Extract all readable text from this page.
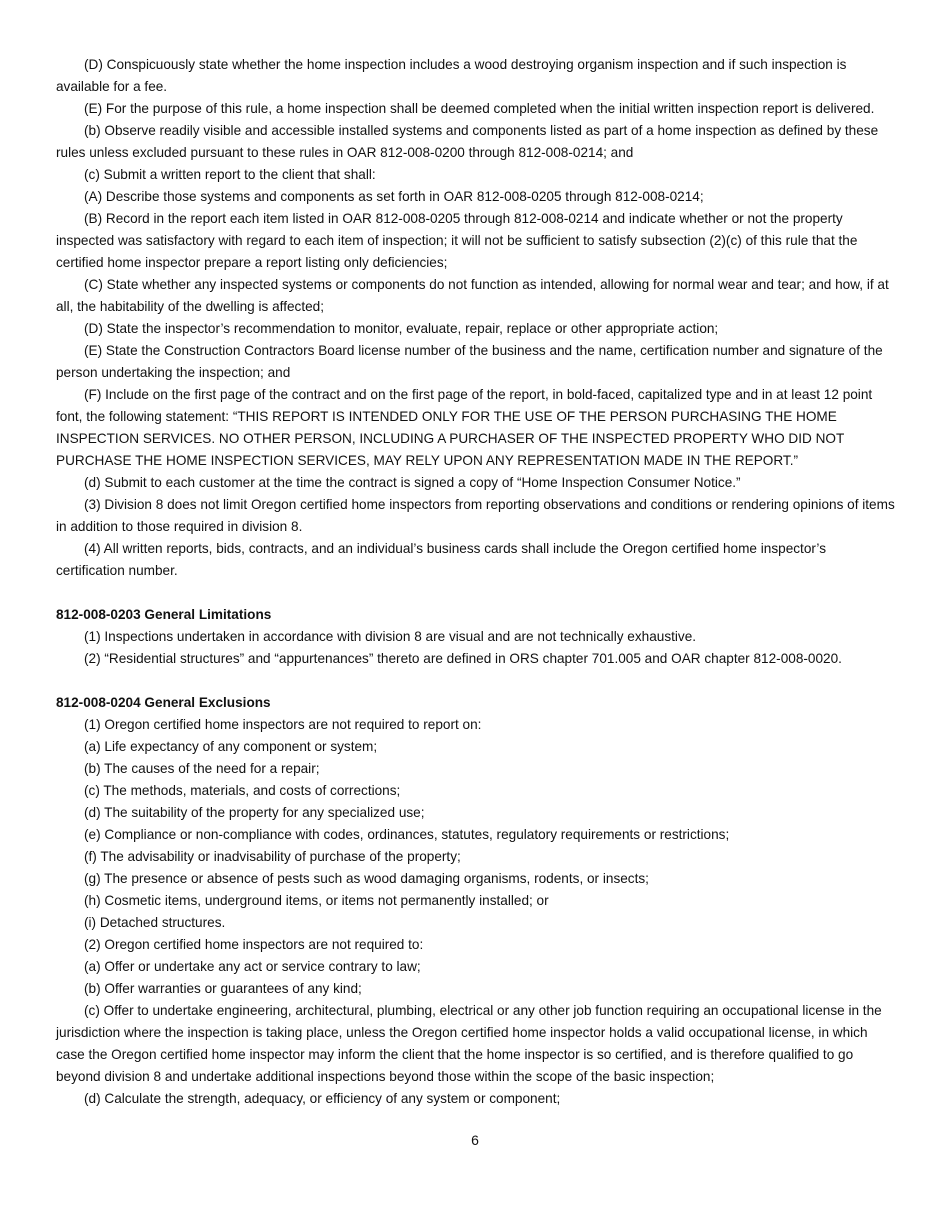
(D) Conspicuously state whether the home inspection includes a wood destroying organism inspection and if such inspection is available for a fee.

(E) For the purpose of this rule, a home inspection shall be deemed completed when the initial written inspection report is delivered.

(b) Observe readily visible and accessible installed systems and components listed as part of a home inspection as defined by these rules unless excluded pursuant to these rules in OAR 812-008-0200 through 812-008-0214; and

(c) Submit a written report to the client that shall:

(A) Describe those systems and components as set forth in OAR 812-008-0205 through 812-008-0214;

(B) Record in the report each item listed in OAR 812-008-0205 through 812-008-0214 and indicate whether or not the property inspected was satisfactory with regard to each item of inspection; it will not be sufficient to satisfy subsection (2)(c) of this rule that the certified home inspector prepare a report listing only deficiencies;

(C) State whether any inspected systems or components do not function as intended, allowing for normal wear and tear; and how, if at all, the habitability of the dwelling is affected;

(D) State the inspector’s recommendation to monitor, evaluate, repair, replace or other appropriate action;

(E) State the Construction Contractors Board license number of the business and the name, certification number and signature of the person undertaking the inspection; and

(F) Include on the first page of the contract and on the first page of the report, in bold-faced, capitalized type and in at least 12 point font, the following statement: “THIS REPORT IS INTENDED ONLY FOR THE USE OF THE PERSON PURCHASING THE HOME INSPECTION SERVICES. NO OTHER PERSON, INCLUDING A PURCHASER OF THE INSPECTED PROPERTY WHO DID NOT PURCHASE THE HOME INSPECTION SERVICES, MAY RELY UPON ANY REPRESENTATION MADE IN THE REPORT.”

(d) Submit to each customer at the time the contract is signed a copy of “Home Inspection Consumer Notice.”

(3) Division 8 does not limit Oregon certified home inspectors from reporting observations and conditions or rendering opinions of items in addition to those required in division 8.

(4) All written reports, bids, contracts, and an individual’s business cards shall include the Oregon certified home inspector’s certification number.

812-008-0203 General Limitations

(1) Inspections undertaken in accordance with division 8 are visual and are not technically exhaustive.

(2) “Residential structures” and “appurtenances” thereto are defined in ORS chapter 701.005 and OAR chapter 812-008-0020.

812-008-0204 General Exclusions

(1) Oregon certified home inspectors are not required to report on:

(a) Life expectancy of any component or system;

(b) The causes of the need for a repair;

(c) The methods, materials, and costs of corrections;

(d) The suitability of the property for any specialized use;

(e) Compliance or non-compliance with codes, ordinances, statutes, regulatory requirements or restrictions;

(f) The advisability or inadvisability of purchase of the property;

(g) The presence or absence of pests such as wood damaging organisms, rodents, or insects;

(h) Cosmetic items, underground items, or items not permanently installed; or

(i) Detached structures.

(2) Oregon certified home inspectors are not required to:

(a) Offer or undertake any act or service contrary to law;

(b) Offer warranties or guarantees of any kind;

(c) Offer to undertake engineering, architectural, plumbing, electrical or any other job function requiring an occupational license in the jurisdiction where the inspection is taking place, unless the Oregon certified home inspector holds a valid occupational license, in which case the Oregon certified home inspector may inform the client that the home inspector is so certified, and is therefore qualified to go beyond division 8 and undertake additional inspections beyond those within the scope of the basic inspection;

(d) Calculate the strength, adequacy, or efficiency of any system or component;

6
